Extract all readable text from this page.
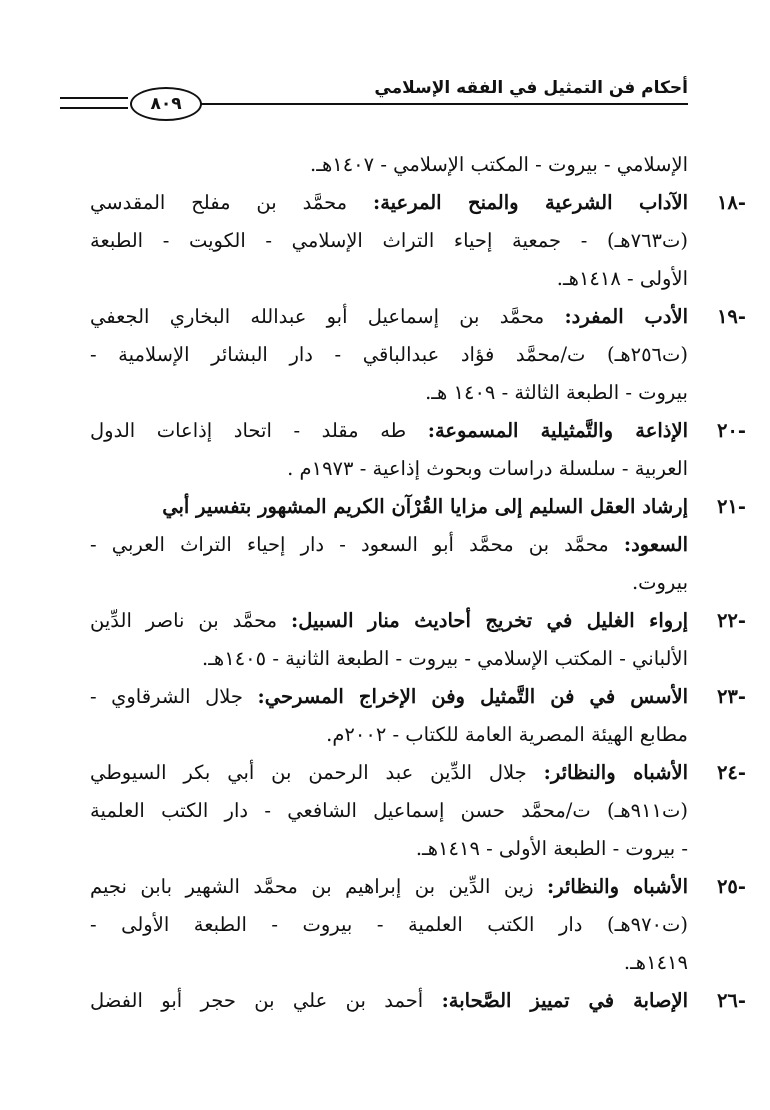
أحكام فن التمثيل في الفقه الإسلامي
٨٠٩
الإسلامي - بيروت - المكتب الإسلامي - ١٤٠٧هـ.
-١٨
الآداب الشرعية والمنح المرعية: محمَّد بن مفلح المقدسي
(ت٧٦٣هـ) - جمعية إحياء التراث الإسلامي - الكويت - الطبعة
الأولى - ١٤١٨هـ.
-١٩
الأدب المفرد: محمَّد بن إسماعيل أبو عبدالله البخاري الجعفي
(ت٢٥٦هـ) ت/محمَّد فؤاد عبدالباقي - دار البشائر الإسلامية -
بيروت - الطبعة الثالثة - ١٤٠٩ هـ.
-٢٠
الإذاعة والتَّمثيلية المسموعة: طه مقلد - اتحاد إذاعات الدول
العربية - سلسلة دراسات وبحوث إذاعية - ١٩٧٣م .
-٢١
إرشاد العقل السليم إلى مزايا القُرْآن الكريم المشهور بتفسير أبي
السعود: محمَّد بن محمَّد أبو السعود - دار إحياء التراث العربي -
بيروت.
-٢٢
إرواء الغليل في تخريج أحاديث منار السبيل: محمَّد بن ناصر الدِّين
الألباني - المكتب الإسلامي - بيروت - الطبعة الثانية - ١٤٠٥هـ.
-٢٣
الأسس في فن التَّمثيل وفن الإخراج المسرحي: جلال الشرقاوي -
مطابع الهيئة المصرية العامة للكتاب - ٢٠٠٢م.
-٢٤
الأشباه والنظائر: جلال الدِّين عبد الرحمن بن أبي بكر السيوطي
(ت٩١١هـ) ت/محمَّد حسن إسماعيل الشافعي - دار الكتب العلمية
- بيروت - الطبعة الأولى - ١٤١٩هـ.
-٢٥
الأشباه والنظائر: زين الدِّين بن إبراهيم بن محمَّد الشهير بابن نجيم
(ت٩٧٠هـ) دار الكتب العلمية - بيروت - الطبعة الأولى -
١٤١٩هـ.
-٢٦
الإصابة في تمييز الصَّحابة: أحمد بن علي بن حجر أبو الفضل
